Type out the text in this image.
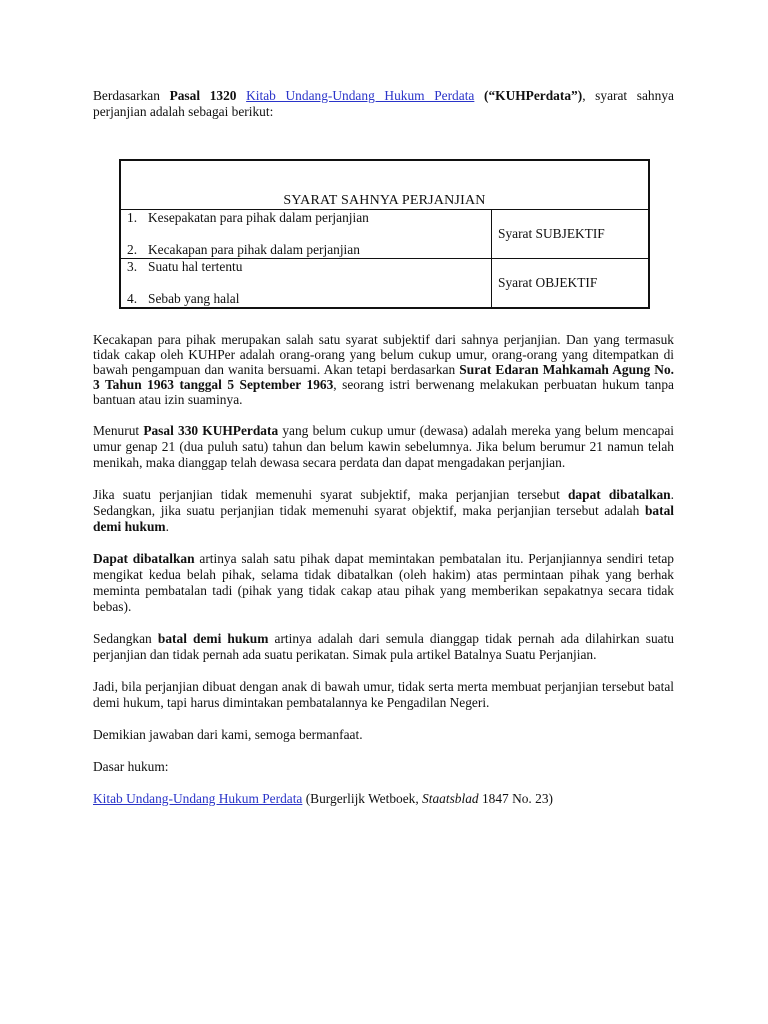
Berdasarkan Pasal 1320 Kitab Undang-Undang Hukum Perdata (“KUHPerdata”), syarat sahnya perjanjian adalah sebagai berikut:

SYARAT SAHNYA PERJANJIAN	

1. Kesepakatan para pihak dalam perjanjian
2. Kecakapan para pihak dalam perjanjian	Syarat SUBJEKTIF

3. Suatu hal tertentu
4. Sebab yang halal	Syarat OBJEKTIF

Kecakapan para pihak merupakan salah satu syarat subjektif dari sahnya perjanjian. Dan yang termasuk tidak cakap oleh KUHPer adalah orang-orang yang belum cukup umur, orang-orang yang ditempatkan di bawah pengampuan dan wanita bersuami. Akan tetapi berdasarkan Surat Edaran Mahkamah Agung No. 3 Tahun 1963 tanggal 5 September 1963, seorang istri berwenang melakukan perbuatan hukum tanpa bantuan atau izin suaminya.

Menurut Pasal 330 KUHPerdata yang belum cukup umur (dewasa) adalah mereka yang belum mencapai umur genap 21 (dua puluh satu) tahun dan belum kawin sebelumnya. Jika belum berumur 21 namun telah menikah, maka dianggap telah dewasa secara perdata dan dapat mengadakan perjanjian.

Jika suatu perjanjian tidak memenuhi syarat subjektif, maka perjanjian tersebut dapat dibatalkan. Sedangkan, jika suatu perjanjian tidak memenuhi syarat objektif, maka perjanjian tersebut adalah batal demi hukum.

Dapat dibatalkan artinya salah satu pihak dapat memintakan pembatalan itu. Perjanjiannya sendiri tetap mengikat kedua belah pihak, selama tidak dibatalkan (oleh hakim) atas permintaan pihak yang berhak meminta pembatalan tadi (pihak yang tidak cakap atau pihak yang memberikan sepakatnya secara tidak bebas).

Sedangkan batal demi hukum artinya adalah dari semula dianggap tidak pernah ada dilahirkan suatu perjanjian dan tidak pernah ada suatu perikatan. Simak pula artikel Batalnya Suatu Perjanjian.

Jadi, bila perjanjian dibuat dengan anak di bawah umur, tidak serta merta membuat perjanjian tersebut batal demi hukum, tapi harus dimintakan pembatalannya ke Pengadilan Negeri.

Demikian jawaban dari kami, semoga bermanfaat.

Dasar hukum:

Kitab Undang-Undang Hukum Perdata (Burgerlijk Wetboek, Staatsblad 1847 No. 23)
